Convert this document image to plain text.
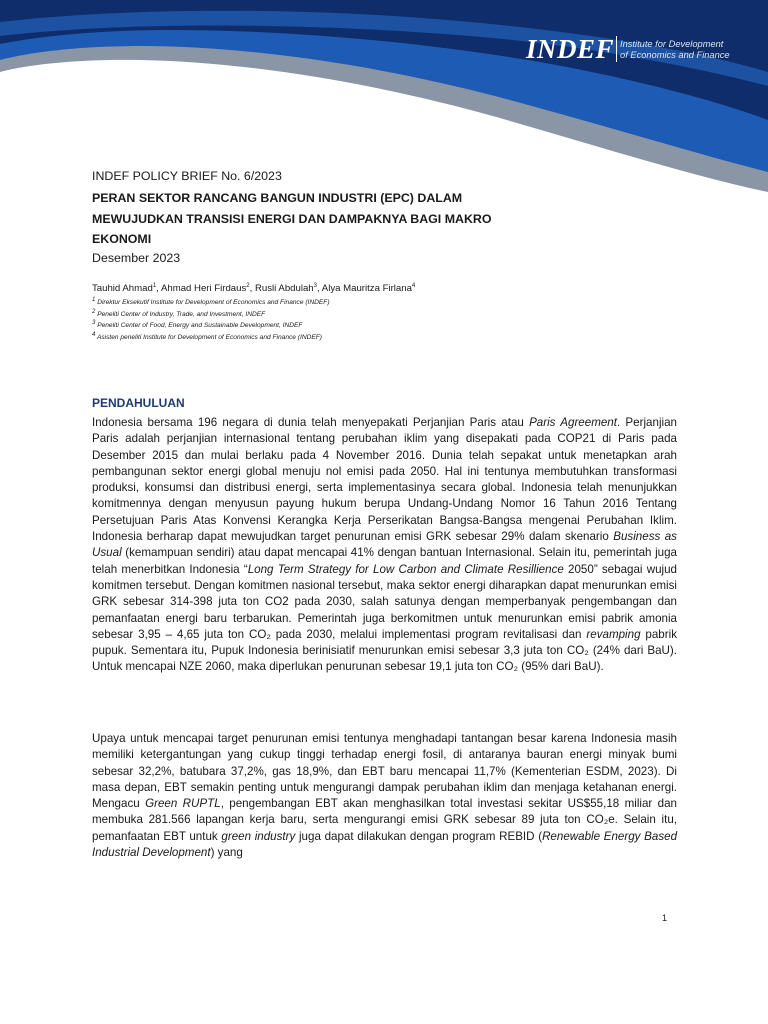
INDEF Institute for Development
of Economics and Finance

INDEF POLICY BRIEF No. 6/2023

PERAN SEKTOR RANCANG BANGUN INDUSTRI (EPC) DALAM
MEWUJUDKAN TRANSISI ENERGI DAN DAMPAKNYA BAGI MAKRO
EKONOMI

Desember 2023

Tauhid Ahmad$^1$, Ahmad Heri Firdaus$^2$, Rusli Abdulah$^3$, Alya Mauritza Firlana$^4$

1 Direktur Eksekutif Institute for Development of Economics and Finance (INDEF)

2 Peneliti Center of Industry, Trade, and Investment, INDEF

3 Peneliti Center of Food, Energy and Sustainable Development, INDEF

4 Asisten peneliti Institute for Development of Economics and Finance (INDEF)

PENDAHULUAN

Indonesia bersama 196 negara di dunia telah menyepakati Perjanjian Paris atau Paris Agreement. Perjanjian Paris adalah perjanjian internasional tentang perubahan iklim yang disepakati pada COP21 di Paris pada Desember 2015 dan mulai berlaku pada 4 November 2016. Dunia telah sepakat untuk menetapkan arah pembangunan sektor energi global menuju nol emisi pada 2050. Hal ini tentunya membutuhkan transformasi produksi, konsumsi dan distribusi energi, serta implementasinya secara global. Indonesia telah menunjukkan komitmennya dengan menyusun payung hukum berupa Undang-Undang Nomor 16 Tahun 2016 Tentang Persetujuan Paris Atas Konvensi Kerangka Kerja Perserikatan Bangsa-Bangsa mengenai Perubahan Iklim. Indonesia berharap dapat mewujudkan target penurunan emisi GRK sebesar 29% dalam skenario Business as Usual (kemampuan sendiri) atau dapat mencapai 41% dengan bantuan Internasional. Selain itu, pemerintah juga telah menerbitkan Indonesia “Long Term Strategy for Low Carbon and Climate Resillience 2050” sebagai wujud komitmen tersebut. Dengan komitmen nasional tersebut, maka sektor energi diharapkan dapat menurunkan emisi GRK sebesar 314-398 juta ton CO2 pada 2030, salah satunya dengan memperbanyak pengembangan dan pemanfaatan energi baru terbarukan. Pemerintah juga berkomitmen untuk menurunkan emisi pabrik amonia sebesar 3,95 – 4,65 juta ton CO₂ pada 2030, melalui implementasi program revitalisasi dan revamping pabrik pupuk. Sementara itu, Pupuk Indonesia berinisiatif menurunkan emisi sebesar 3,3 juta ton CO₂ (24% dari BaU). Untuk mencapai NZE 2060, maka diperlukan penurunan sebesar 19,1 juta ton CO₂ (95% dari BaU).

Upaya untuk mencapai target penurunan emisi tentunya menghadapi tantangan besar karena Indonesia masih memiliki ketergantungan yang cukup tinggi terhadap energi fosil, di antaranya bauran energi minyak bumi sebesar 32,2%, batubara 37,2%, gas 18,9%, dan EBT baru mencapai 11,7% (Kementerian ESDM, 2023). Di masa depan, EBT semakin penting untuk mengurangi dampak perubahan iklim dan menjaga ketahanan energi. Mengacu Green RUPTL, pengembangan EBT akan menghasilkan total investasi sekitar US$55,18 miliar dan membuka 281.566 lapangan kerja baru, serta mengurangi emisi GRK sebesar 89 juta ton CO₂e. Selain itu, pemanfaatan EBT untuk green industry juga dapat dilakukan dengan program REBID (Renewable Energy Based Industrial Development) yang

1
